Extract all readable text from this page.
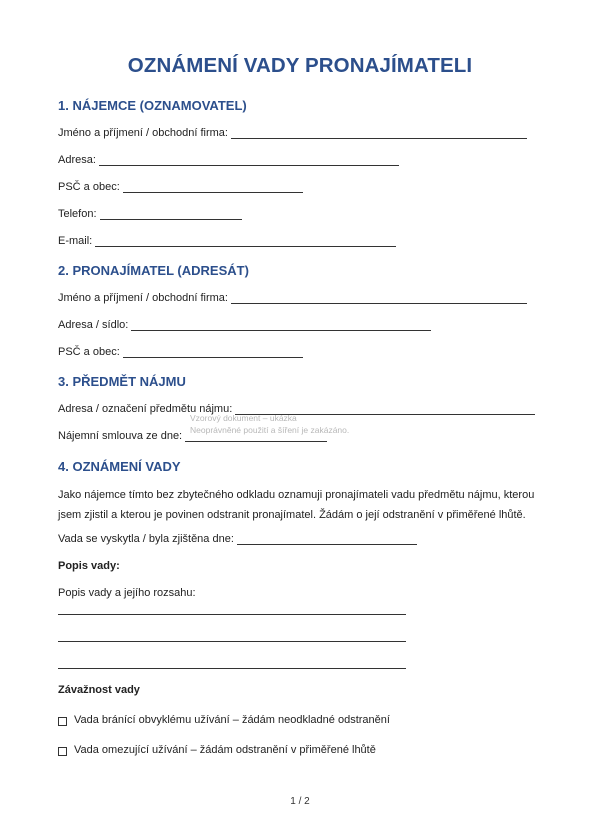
OZNÁMENÍ VADY PRONAJÍMATELI
1. NÁJEMCE (OZNAMOVATEL)
Jméno a příjmení / obchodní firma:
Adresa:
PSČ a obec:
Telefon:
E-mail:
2. PRONAJÍMATEL (ADRESÁT)
Jméno a příjmení / obchodní firma:
Adresa / sídlo:
PSČ a obec:
3. PŘEDMĚT NÁJMU
Adresa / označení předmětu nájmu:
Nájemní smlouva ze dne:
Vzorový dokument – ukázka
Neoprávněné použití a šíření je zakázáno.
4. OZNÁMENÍ VADY
Jako nájemce tímto bez zbytečného odkladu oznamuji pronajímateli vadu předmětu nájmu, kterou jsem zjistil a kterou je povinen odstranit pronajímatel. Žádám o její odstranění v přiměřené lhůtě.
Vada se vyskytla / byla zjištěna dne:
Popis vady:
Popis vady a jejího rozsahu:
Závažnost vady
Vada bránící obvyklému užívání – žádám neodkladné odstranění
Vada omezující užívání – žádám odstranění v přiměřené lhůtě
1 / 2
